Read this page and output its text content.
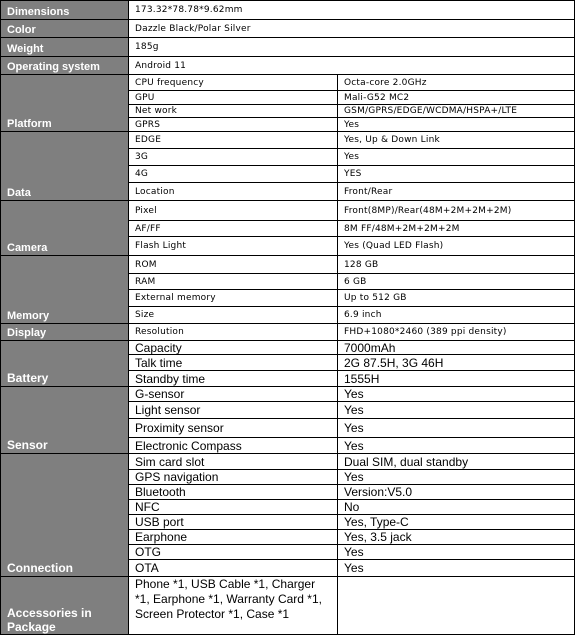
Dimensions	173.32*78.78*9.62mm
Color	Dazzle Black/Polar Silver
Weight	185g
Operating system	Android 11
Platform
CPU frequency	Octa-core 2.0GHz
GPU	Mali-G52 MC2
Net work	GSM/GPRS/EDGE/WCDMA/HSPA+/LTE
GPRS	Yes
Data
EDGE	Yes, Up & Down Link
3G	Yes
4G	YES
Location	Front/Rear
Camera
Pixel	Front(8MP)/Rear(48M+2M+2M+2M)
AF/FF	8M FF/48M+2M+2M+2M
Flash Light	Yes (Quad LED Flash)
Memory
ROM	128 GB
RAM	6 GB
External memory	Up to 512 GB
Size	6.9 inch
Display	Resolution	FHD+1080*2460 (389 ppi density)
Battery
Capacity	7000mAh
Talk time	2G 87.5H, 3G 46H
Standby time	1555H
Sensor
G-sensor	Yes
Light sensor	Yes
Proximity sensor	Yes
Electronic Compass	Yes
Connection
Sim card slot	Dual SIM, dual standby
GPS navigation	Yes
Bluetooth	Version:V5.0
NFC	No
USB port	Yes, Type-C
Earphone	Yes, 3.5 jack
OTG	Yes
OTA	Yes
Accessories in Package
Phone *1, USB Cable *1, Charger *1, Earphone *1, Warranty Card *1, Screen Protector *1, Case *1
